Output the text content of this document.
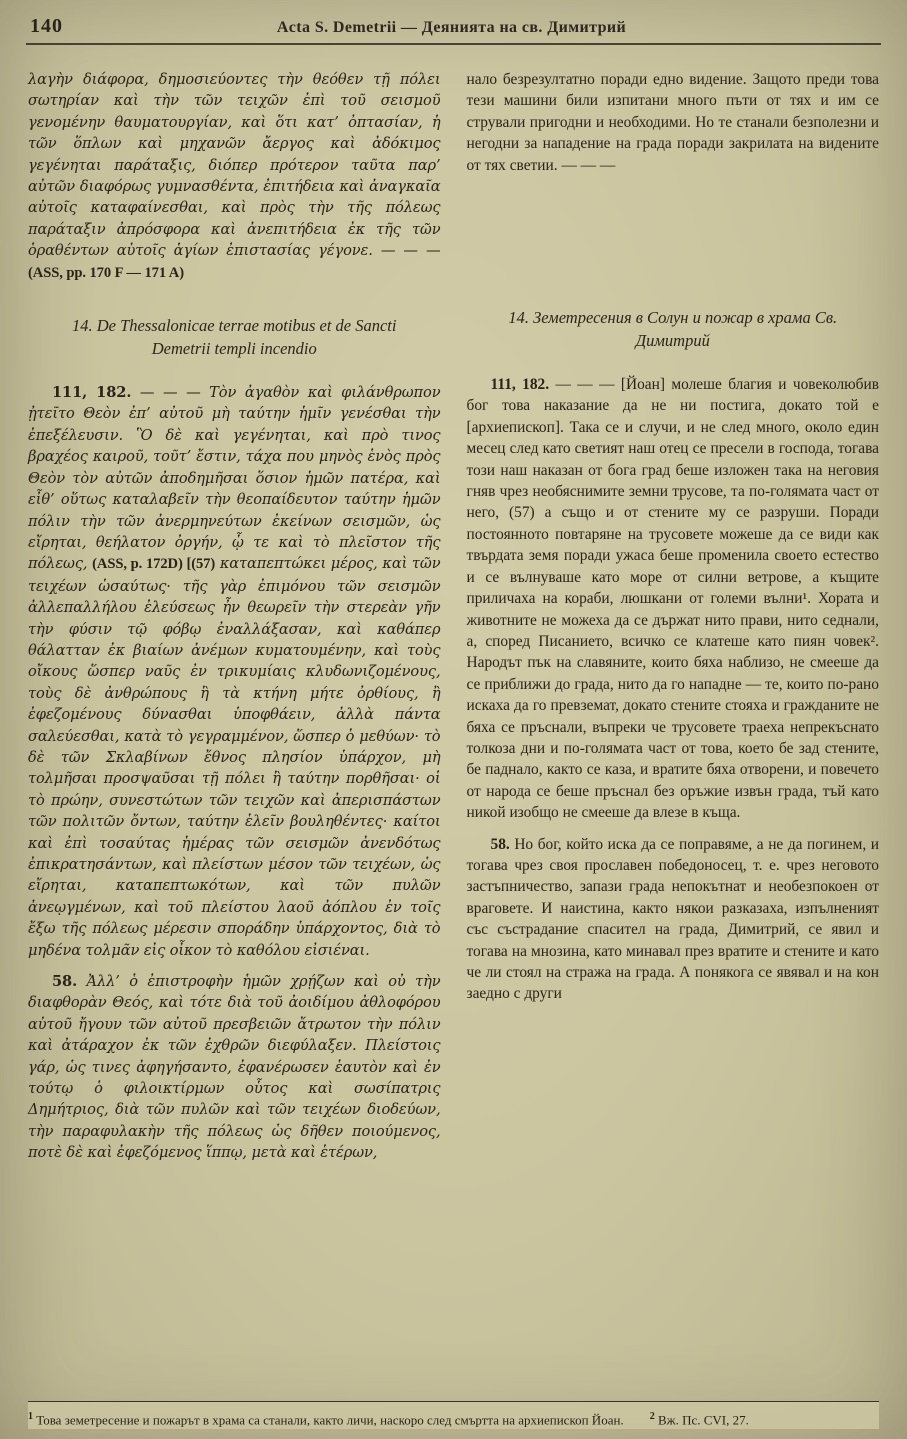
140	Acta S. Demetrii — Деянията на св. Димитрий

λαγὴν διάφορα, δημοσιεύοντες τὴν θεόθεν τῇ πόλει σωτηρίαν καὶ τὴν τῶν τειχῶν ἐπὶ τοῦ σεισμοῦ γενομένην θαυματουργίαν, καὶ ὅτι κατ’ ὀπτασίαν, ἡ τῶν ὅπλων καὶ μηχανῶν ἄεργος καὶ ἀδόκιμος γεγένηται παράταξις, διόπερ πρότερον ταῦτα παρ’ αὐτῶν διαφόρως γυμνασθέντα, ἐπιτήδεια καὶ ἀναγκαῖα αὐτοῖς καταφαίνεσθαι, καὶ πρὸς τὴν τῆς πόλεως παράταξιν ἀπρόσφορα καὶ ἀνεπιτήδεια ἐκ τῆς τῶν ὁραθέντων αὐτοῖς ἁγίων ἐπιστασίας γέγονε. — — — (ASS, pp. 170 F — 171 A)

14. De Thessalonicae terrae motibus et de Sancti Demetrii templi incendio

111, 182. — — — Τὸν ἀγαθὸν καὶ φιλάνθρωπον ᾐτεῖτο Θεὸν ἐπ’ αὐτοῦ μὴ ταύτην ἡμῖν γενέσθαι τὴν ἐπεξέλευσιν. Ὃ δὲ καὶ γεγένηται, καὶ πρὸ τινος βραχέος καιροῦ, τοῦτ’ ἔστιν, τάχα που μηνὸς ἑνὸς πρὸς Θεὸν τὸν αὐτῶν ἀποδημῆσαι ὅσιον ἡμῶν πατέρα, καὶ εἶθ’ οὕτως καταλαβεῖν τὴν θεοπαίδευτον ταύτην ἡμῶν πόλιν τὴν τῶν ἀνερμηνεύτων ἐκείνων σεισμῶν, ὡς εἴρηται, θεήλατον ὀργήν, ᾧ τε καὶ τὸ πλεῖστον τῆς πόλεως, (ASS, p. 172D) [(57) καταπεπτώκει μέρος, καὶ τῶν τειχέων ὡσαύτως· τῆς γὰρ ἐπιμόνου τῶν σεισμῶν ἀλλεπαλλήλου ἐλεύσεως ἦν θεωρεῖν τὴν στερεὰν γῆν τὴν φύσιν τῷ φόβῳ ἐναλλάξασαν, καὶ καθάπερ θάλατταν ἐκ βιαίων ἀνέμων κυματουμένην, καὶ τοὺς οἴκους ὥσπερ ναῦς ἐν τρικυμίαις κλυδωνιζομένους, τοὺς δὲ ἀνθρώπους ἢ τὰ κτήνη μήτε ὀρθίους, ἢ ἐφεζομένους δύνασθαι ὑποφθάειν, ἀλλὰ πάντα σαλεύεσθαι, κατὰ τὸ γεγραμμένον, ὥσπερ ὁ μεθύων· τὸ δὲ τῶν Σκλαβίνων ἔθνος πλησίον ὑπάρχον, μὴ τολμῆσαι προσψαῦσαι τῇ πόλει ἢ ταύτην πορθῆσαι· οἱ τὸ πρώην, συνεστώτων τῶν τειχῶν καὶ ἀπερισπάστων τῶν πολιτῶν ὄντων, ταύτην ἑλεῖν βουληθέντες· καίτοι καὶ ἐπὶ τοσαύτας ἡμέρας τῶν σεισμῶν ἀνενδότως ἐπικρατησάντων, καὶ πλείστων μέσον τῶν τειχέων, ὡς εἴρηται, καταπεπτωκότων, καὶ τῶν πυλῶν ἀνεῳγμένων, καὶ τοῦ πλείστου λαοῦ ἀόπλου ἐν τοῖς ἔξω τῆς πόλεως μέρεσιν σποράδην ὑπάρχοντος, διὰ τὸ μηδένα τολμᾶν εἰς οἶκον τὸ καθόλου εἰσιέναι.

58. Ἀλλ’ ὁ ἐπιστροφὴν ἡμῶν χρῄζων καὶ οὐ τὴν διαφθορὰν Θεός, καὶ τότε διὰ τοῦ ἀοιδίμου ἀθλοφόρου αὐτοῦ ἤγουν τῶν αὐτοῦ πρεσβειῶν ἄτρωτον τὴν πόλιν καὶ ἀτάραχον ἐκ τῶν ἐχθρῶν διεφύλαξεν. Πλείστοις γάρ, ὡς τινες ἀφηγήσαντο, ἐφανέρωσεν ἑαυτὸν καὶ ἐν τούτῳ ὁ φιλοικτίρμων οὗτος καὶ σωσίπατρις Δημήτριος, διὰ τῶν πυλῶν καὶ τῶν τειχέων διοδεύων, τὴν παραφυλακὴν τῆς πόλεως ὡς δῆθεν ποιούμενος, ποτὲ δὲ καὶ ἐφεζόμενος ἵππῳ, μετὰ καὶ ἑτέρων,

нало безрезултатно поради едно видение. Защото преди това тези машини били изпитани много пъти от тях и им се стрували пригодни и необходими. Но те станали безполезни и негодни за нападение на града поради закрилата на видените от тях светии. — — —

14. Земетресения в Солун и пожар в храма Св. Димитрий

111, 182. — — — [Йоан] молеше благия и човеколюбив бог това наказание да не ни постига, докато той е [архиепископ]. Така се и случи, и не след много, около един месец след като светият наш отец се пресели в господа, тогава този наш наказан от бога град беше изложен така на неговия гняв чрез необяснимите земни трусове, та по-голямата част от него, (57) а също и от стените му се разруши. Поради постоянното повтаряне на трусовете можеше да се види как твърдата земя поради ужаса беше променила своето естество и се вълнуваше като море от силни ветрове, а къщите приличаха на кораби, люшкани от големи вълни¹. Хората и животните не можеха да се държат нито прави, нито седнали, а, според Писанието, всичко се клатеше като пиян човек². Народът пък на славяните, които бяха наблизо, не смееше да се приближи до града, нито да го нападне — те, които по-рано искаха да го превземат, докато стените стояха и гражданите не бяха се пръснали, въпреки че трусовете траеха непрекъснато толкоза дни и по-голямата част от това, което бе зад стените, бе паднало, както се каза, и вратите бяха отворени, и повечето от народа се беше пръснал без оръжие извън града, тъй като никой изобщо не смееше да влезе в къща.

58. Но бог, който иска да се поправяме, а не да погинем, и тогава чрез своя прославен победоносец, т. е. чрез неговото застъпничество, запази града непокътнат и необезпокоен от враговете. И наистина, както някои разказаха, изпълненият със състрадание спасител на града, Димитрий, се явил и тогава на мнозина, като минавал през вратите и стените и като че ли стоял на стража на града. А понякога се явявал и на кон заедно с други

$^1$ Това земетресение и пожарът в храма са станали, както личи, наскоро след смъртта на архиепископ Йоан.	$^2$ Вж. Пс. CVI, 27.
